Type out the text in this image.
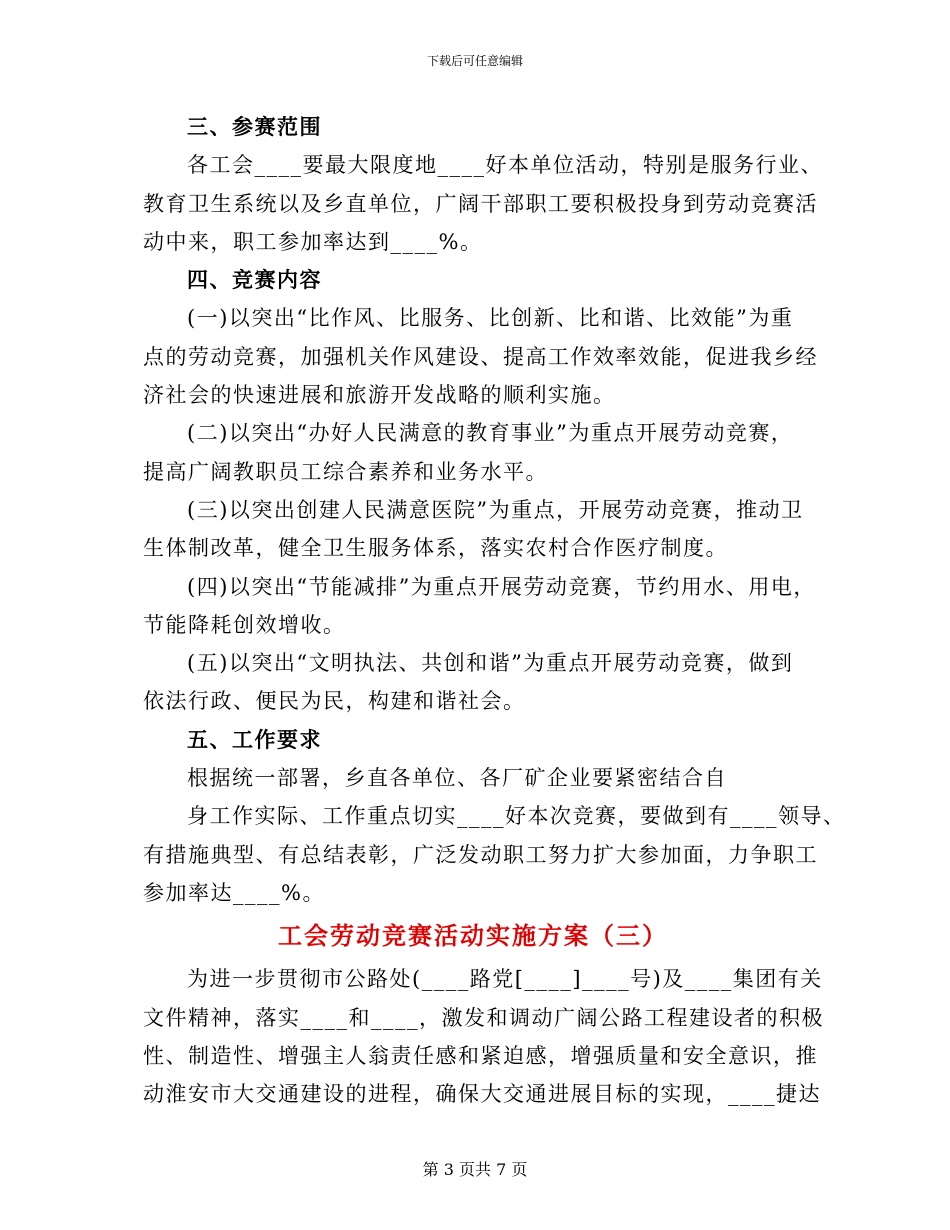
下载后可任意编辑
三、参赛范围
各工会____要最大限度地____好本单位活动，特别是服务行业、
教育卫生系统以及乡直单位，广阔干部职工要积极投身到劳动竞赛活
动中来，职工参加率达到____%。
四、竞赛内容
(一)以突出“比作风、比服务、比创新、比和谐、比效能”为重
点的劳动竞赛，加强机关作风建设、提高工作效率效能，促进我乡经
济社会的快速进展和旅游开发战略的顺利实施。
(二)以突出“办好人民满意的教育事业”为重点开展劳动竞赛，
提高广阔教职员工综合素养和业务水平。
(三)以突出创建人民满意医院”为重点，开展劳动竞赛，推动卫
生体制改革，健全卫生服务体系，落实农村合作医疗制度。
(四)以突出“节能减排”为重点开展劳动竞赛，节约用水、用电，
节能降耗创效增收。
(五)以突出“文明执法、共创和谐”为重点开展劳动竞赛，做到
依法行政、便民为民，构建和谐社会。
五、工作要求
根据统一部署，乡直各单位、各厂矿企业要紧密结合自
身工作实际、工作重点切实____好本次竞赛，要做到有____领导、
有措施典型、有总结表彰，广泛发动职工努力扩大参加面，力争职工
参加率达____%。
工会劳动竞赛活动实施方案（三）
为进一步贯彻市公路处(____路党[____]____号)及____集团有关
文件精神，落实____和____，激发和调动广阔公路工程建设者的积极
性、制造性、增强主人翁责任感和紧迫感，增强质量和安全意识，推
动淮安市大交通建设的进程，确保大交通进展目标的实现，____捷达
第 3 页共 7 页
